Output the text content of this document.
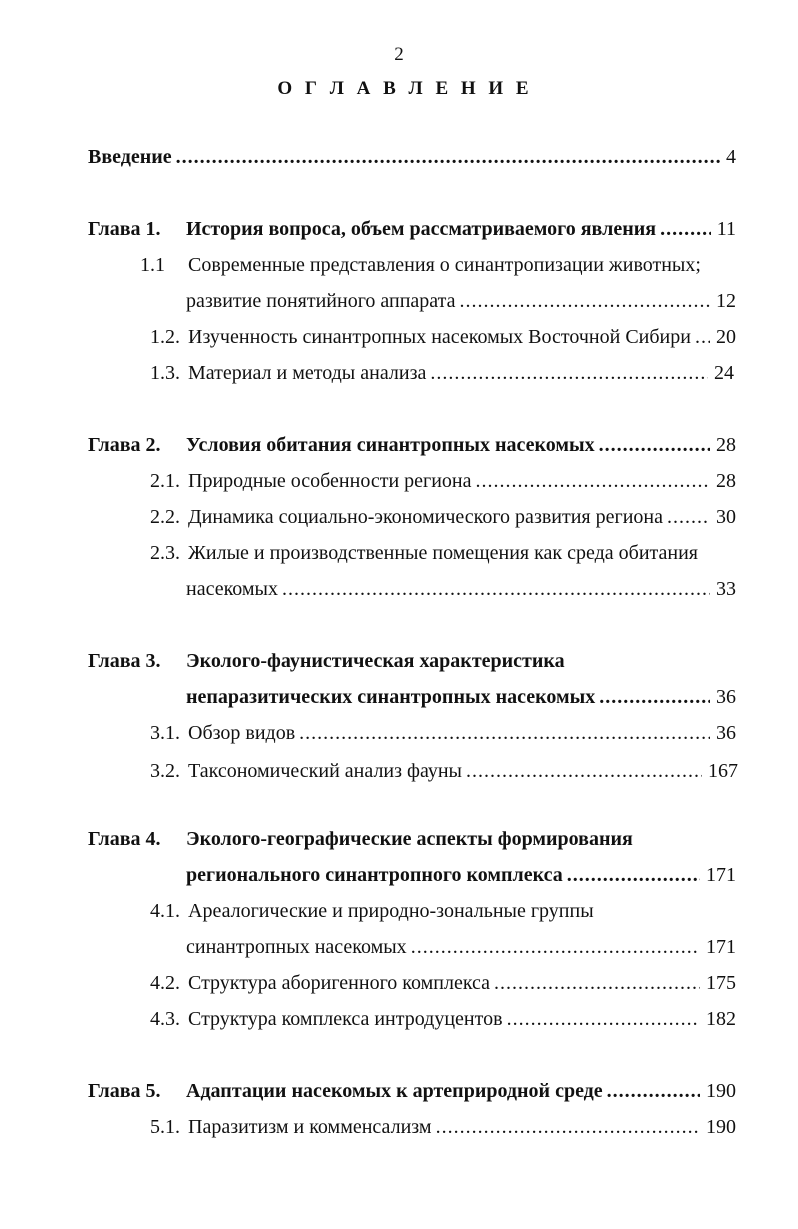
2
О Г Л А В Л Е Н И Е
Введение . . .	4
Глава 1.	История вопроса, объем рассматриваемого явления . . .	11
1.1	Современные представления о синантропизации животных;
развитие понятийного аппарата . . .	12
1.2. Изученность синантропных насекомых Восточной Сибири . . .	20
1.3. Материал и методы анализа . . .	24
Глава 2.	Условия обитания синантропных насекомых . . .	28
2.1. Природные особенности региона . . .	28
2.2. Динамика социально-экономического развития региона . . .	30
2.3. Жилые и производственные помещения как среда обитания
насекомых . . .	33
Глава 3.	Эколого-фаунистическая характеристика
непаразитических синантропных насекомых . . .	36
3.1. Обзор видов . . .	36
3.2. Таксономический анализ фауны . . .	167
Глава 4.	Эколого-географические аспекты формирования
регионального синантропного комплекса . . .	171
4.1. Ареалогические и природно-зональные группы
синантропных насекомых . . .	171
4.2. Структура аборигенного комплекса . . .	175
4.3. Структура комплекса интродуцентов . . .	182
Глава 5.	Адаптации насекомых к артеприродной среде . . .	190
5.1. Паразитизм и комменсализм . . .	190
